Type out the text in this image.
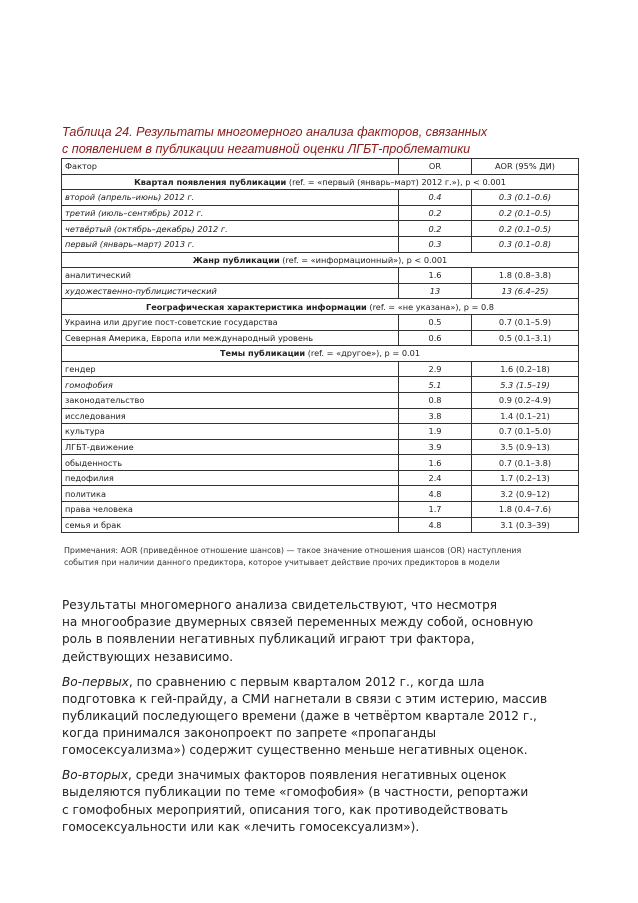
Таблица 24. Результаты многомерного анализа факторов, связанных
с появлением в публикации негативной оценки ЛГБТ-проблематики
Фактор	OR	AOR (95% ДИ)
Квартал появления публикации (ref. = «первый (январь–март) 2012 г.»), p < 0.001		
второй (апрель–июнь) 2012 г.	0.4	0.3 (0.1–0.6)
третий (июль–сентябрь) 2012 г.	0.2	0.2 (0.1–0.5)
четвёртый (октябрь–декабрь) 2012 г.	0.2	0.2 (0.1–0.5)
первый (январь–март) 2013 г.	0.3	0.3 (0.1–0.8)
Жанр публикации (ref. = «информационный»), p < 0.001		
аналитический	1.6	1.8 (0.8–3.8)
художественно-публицистический	13	13 (6.4–25)
Географическая характеристика информации (ref. = «не указана»), p = 0.8		
Украина или другие пост-советские государства	0.5	0.7 (0.1–5.9)
Северная Америка, Европа или международный уровень	0.6	0.5 (0.1–3.1)
Темы публикации (ref. = «другое»), p = 0.01		
гендер	2.9	1.6 (0.2–18)
гомофобия	5.1	5.3 (1.5–19)
законодательство	0.8	0.9 (0.2–4.9)
исследования	3.8	1.4 (0.1–21)
культура	1.9	0.7 (0.1–5.0)
ЛГБТ-движение	3.9	3.5 (0.9–13)
обыденность	1.6	0.7 (0.1–3.8)
педофилия	2.4	1.7 (0.2–13)
политика	4.8	3.2 (0.9–12)
права человека	1.7	1.8 (0.4–7.6)
семья и брак	4.8	3.1 (0.3–39)
Примечания: AOR (приведённое отношение шансов) — такое значение отношения шансов (OR) наступления
события при наличии данного предиктора, которое учитывает действие прочих предикторов в модели

Результаты многомерного анализа свидетельствуют, что несмотря
на многообразие двумерных связей переменных между собой, основную
роль в появлении негативных публикаций играют три фактора,
действующих независимо.

Во-первых, по сравнению с первым кварталом 2012 г., когда шла
подготовка к гей-прайду, а СМИ нагнетали в связи с этим истерию, массив
публикаций последующего времени (даже в четвёртом квартале 2012 г.,
когда принимался законопроект по запрете «пропаганды
гомосексуализма») содержит существенно меньше негативных оценок.

Во-вторых, среди значимых факторов появления негативных оценок
выделяются публикации по теме «гомофобия» (в частности, репортажи
с гомофобных мероприятий, описания того, как противодействовать
гомосексуальности или как «лечить гомосексуализм»).
